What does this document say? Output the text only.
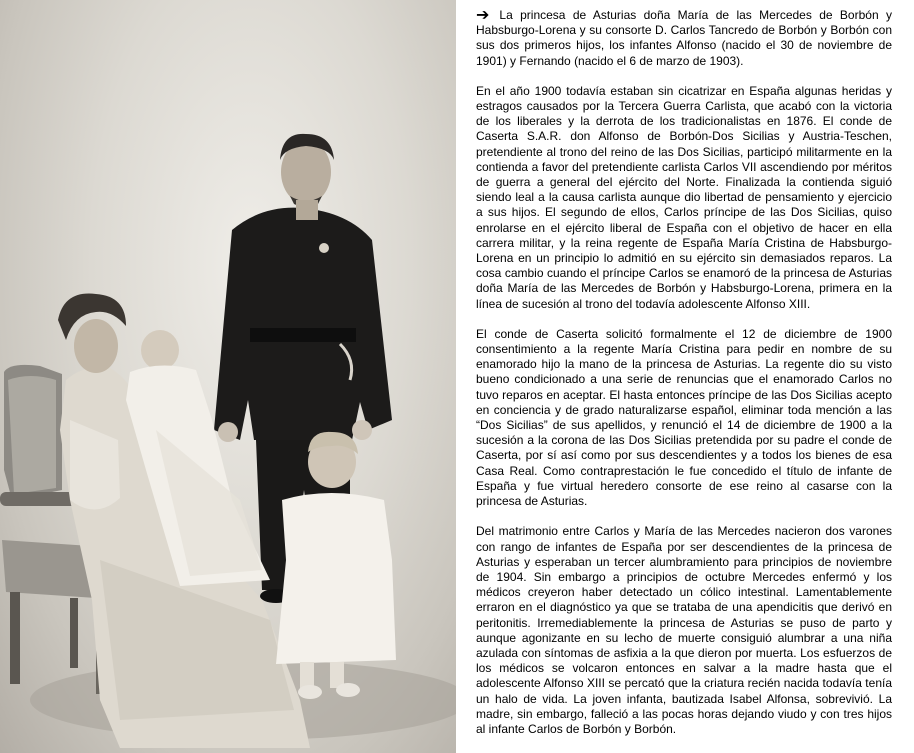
➔ La princesa de Asturias doña María de las Mercedes de Borbón y Habsburgo-Lorena y su consorte D. Carlos Tancredo de Borbón y Borbón con sus dos primeros hijos, los infantes Alfonso (nacido el 30 de noviembre de 1901) y Fernando (nacido el 6 de marzo de 1903).

En el año 1900 todavía estaban sin cicatrizar en España algunas heridas y estragos causados por la Tercera Guerra Carlista, que acabó con la victoria de los liberales y la derrota de los tradicionalistas en 1876. El conde de Caserta S.A.R. don Alfonso de Borbón-Dos Sicilias y Austria-Teschen, pretendiente al trono del reino de las Dos Sicilias, participó militarmente en la contienda a favor del pretendiente carlista Carlos VII ascendiendo por méritos de guerra a general del ejército del Norte. Finalizada la contienda siguió siendo leal a la causa carlista aunque dio libertad de pensamiento y ejercicio a sus hijos. El segundo de ellos, Carlos príncipe de las Dos Sicilias, quiso enrolarse en el ejército liberal de España con el objetivo de hacer en ella carrera militar, y la reina regente de España María Cristina de Habsburgo-Lorena en un principio lo admitió en su ejército sin demasiados reparos. La cosa cambio cuando el príncipe Carlos se enamoró de la princesa de Asturias doña María de las Mercedes de Borbón y Habsburgo-Lorena, primera en la línea de sucesión al trono del todavía adolescente Alfonso XIII.

El conde de Caserta solicitó formalmente el 12 de diciembre de 1900 consentimiento a la regente María Cristina para pedir en nombre de su enamorado hijo la mano de la princesa de Asturias. La regente dio su visto bueno condicionado a una serie de renuncias que el enamorado Carlos no tuvo reparos en aceptar. El hasta entonces príncipe de las Dos Sicilias acepto en conciencia y de grado naturalizarse español, eliminar toda mención a las “Dos Sicilias” de sus apellidos, y renunció el 14 de diciembre de 1900 a la sucesión a la corona de las Dos Sicilias pretendida por su padre el conde de Caserta, por sí así como por sus descendientes y a todos los bienes de esa Casa Real. Como contraprestación le fue concedido el título de infante de España y fue virtual heredero consorte de ese reino al casarse con la princesa de Asturias.

Del matrimonio entre Carlos y María de las Mercedes nacieron dos varones con rango de infantes de España por ser descendientes de la princesa de Asturias y esperaban un tercer alumbramiento para principios de noviembre de 1904. Sin embargo a principios de octubre Mercedes enfermó y los médicos creyeron haber detectado un cólico intestinal. Lamentablemente erraron en el diagnóstico ya que se trataba de una apendicitis que derivó en peritonitis. Irremediablemente la princesa de Asturias se puso de parto y aunque agonizante en su lecho de muerte consiguió alumbrar a una niña azulada con síntomas de asfixia a la que dieron por muerta. Los esfuerzos de los médicos se volcaron entonces en salvar a la madre hasta que el adolescente Alfonso XIII se percató que la criatura recién nacida todavía tenía un halo de vida. La joven infanta, bautizada Isabel Alfonsa, sobrevivió. La madre, sin embargo, falleció a las pocas horas dejando viudo y con tres hijos al infante Carlos de Borbón y Borbón.
